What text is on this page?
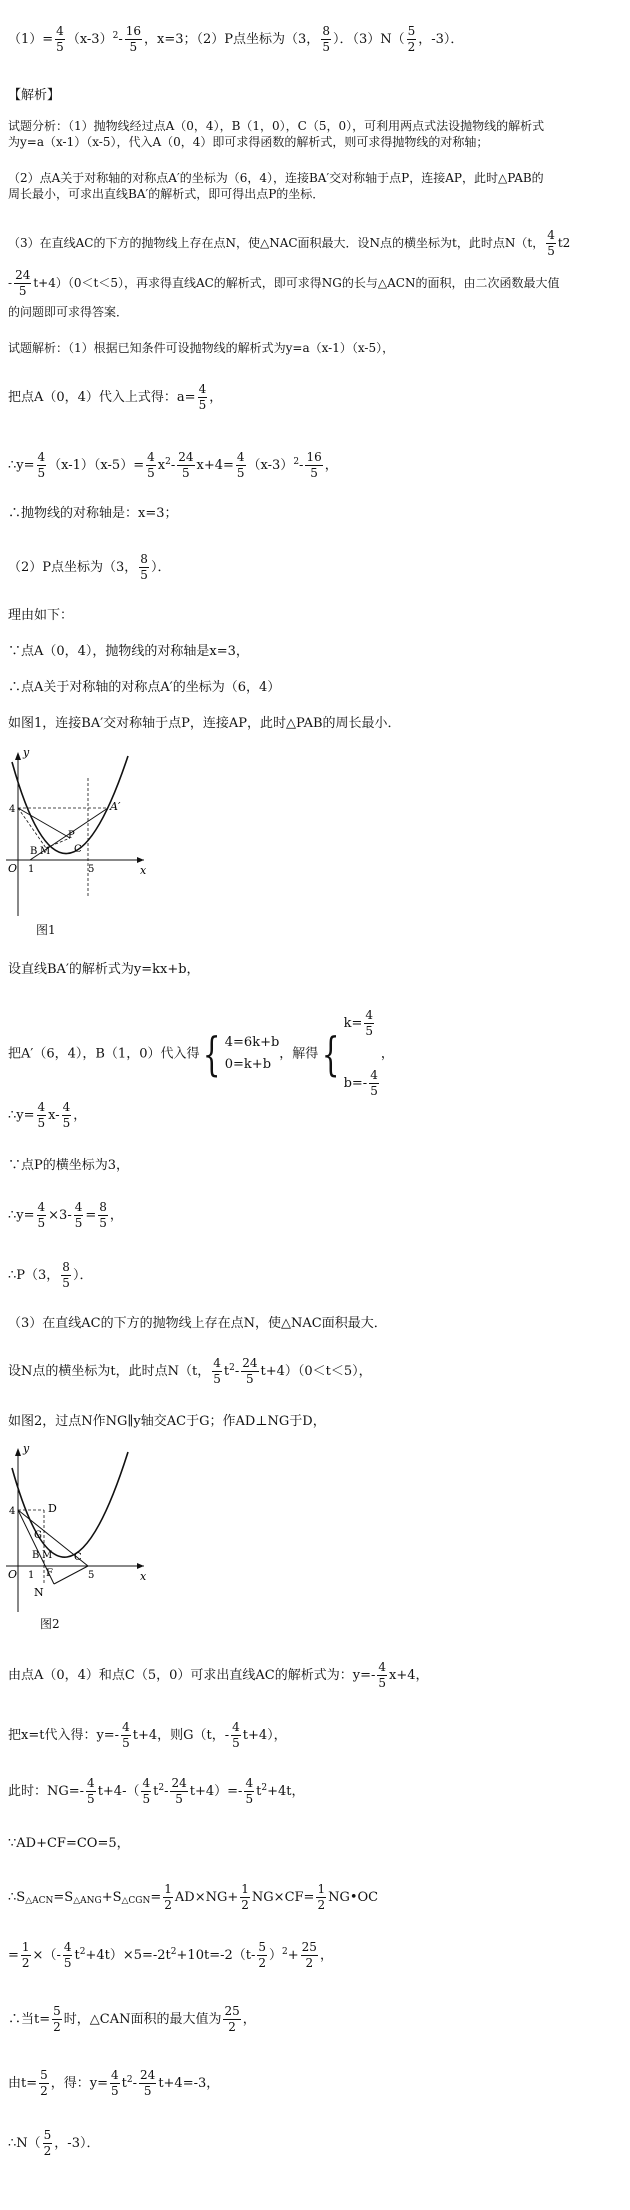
$(1)= \frac{4}{5} (x-3)^2- \frac{16}{5}$ ，x=3；（2）P点坐标为（3， $\frac{8}{5}$ ）．$(3)N( \frac{5}{2}$ ，-3）．
【解析】
试题分析：（1）抛物线经过点A（0，4），B（1，0），C（5，0），可利用两点式法设抛物线的解析式
为y=a（x-1）（x-5），代入A（0，4）即可求得函数的解析式，则可求得抛物线的对称轴；
（2）点A关于对称轴的对称点A′的坐标为（6，4），连接BA′交对称轴于点P，连接AP，此时△PAB的
周长最小，可求出直线BA′的解析式，即可得出点P的坐标．
（3）在直线AC的下方的抛物线上存在点N，使△NAC面积最大．设N点的横坐标为t，此时点N（t， $\frac{4}{5} t2$
- $\frac{24}{5} t+4)(0<t<5)$，再求得直线AC的解析式，即可求得NG的长与△ACN的面积，由二次函数最大值
的问题即可求得答案．
试题解析：（1）根据已知条件可设抛物线的解析式为y=a（x-1）（x-5），
把点A（0，4）代入上式得：$a= \frac{4}{5}$ ，
∴y= $\frac{4}{5} (x-1)(x-5)= \frac{4}{5} x^2- \frac{24}{5} x+4= \frac{4}{5} (x-3)^2- \frac{16}{5}$ ，
∴抛物线的对称轴是：x=3；
（2）P点坐标为（3， $\frac{8}{5}$ ）．
理由如下：
∵点A（0，4），抛物线的对称轴是x=3，
∴点A关于对称轴的对称点A′的坐标为（6，4）
如图1，连接BA′交对称轴于点P，连接AP，此时△PAB的周长最小．
y
x
O 1	5
4	A′
B M C
P
图1
设直线BA′的解析式为y=kx+b，
把A′（6，4），B（1，0）代入得{ 4=6k+b
0=k+b
，解得{
$k= \frac{4}{5}$
$b=- \frac{4}{5}$
，
∴y= $\frac{4}{5} x- \frac{4}{5}$ ，
∵点P的横坐标为3，
∴y= $\frac{4}{5} \times 3- \frac{4}{5} = \frac{8}{5}$ ，
∴P（3， $\frac{8}{5}$ ）．
（3）在直线AC的下方的抛物线上存在点N，使△NAC面积最大．
设N点的横坐标为t，此时点N（t， $\frac{4}{5} t^2- \frac{24}{5} t+4)(0<t<5)$，
如图2，过点N作NG∥y轴交AC于G；作AD⊥NG于D，
y
x
O 1	5
4	D
G
B M
F
C
N
图2
由点A（0，4）和点C（5，0）可求出直线AC的解析式为：$y=- \frac{4}{5} x+4$，
把x=t代入得：$y=- \frac{4}{5} t+4$，则G（t，- $\frac{4}{5} t+4$），
此时：$NG=- \frac{4}{5} t+4-( \frac{4}{5} t^2- \frac{24}{5} t+4)=- \frac{4}{5} t^2+4t$，
∵AD+CF=CO=5，
$\therefore S_{\triangle ACN}=S_{\triangle ANG}+S_{\triangle CGN}= \frac{1}{2} AD\times NG+ \frac{1}{2} NG\times CF= \frac{1}{2}$ NG•OC
= $\frac{1}{2}$ ×（- $\frac{4}{5} t^2+4t)\times 5=-2t^2+10t=-2(t- \frac{5}{2} )^2+ \frac{25}{2}$ ，
∴当$t= \frac{5}{2}$ 时，△CAN面积的最大值为 $\frac{25}{2}$ ，
由$t= \frac{5}{2}$ ，得：$y= \frac{4}{5} t^2- \frac{24}{5} t+4=-3$，
∴N（ $\frac{5}{2}$ ，-3）．
